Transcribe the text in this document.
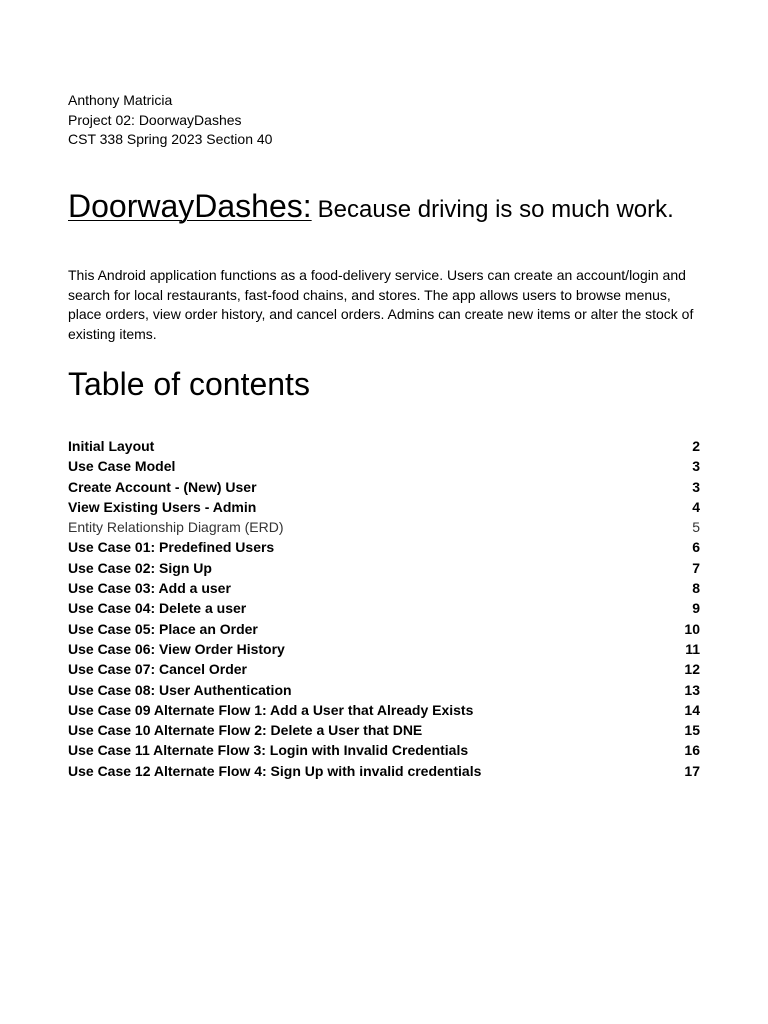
Anthony Matricia
Project 02: DoorwayDashes
CST 338 Spring 2023 Section 40
DoorwayDashes: Because driving is so much work.

This Android application functions as a food-delivery service. Users can create an account/login and search for local restaurants, fast-food chains, and stores. The app allows users to browse menus, place orders, view order history, and cancel orders. Admins can create new items or alter the stock of existing items.

Table of contents
Initial Layout	2
Use Case Model	3
Create Account - (New) User	3
View Existing Users - Admin	4
Entity Relationship Diagram (ERD)	5
Use Case 01: Predefined Users	6
Use Case 02: Sign Up	7
Use Case 03: Add a user	8
Use Case 04: Delete a user	9
Use Case 05: Place an Order	10
Use Case 06: View Order History	11
Use Case 07: Cancel Order	12
Use Case 08: User Authentication	13
Use Case 09 Alternate Flow 1: Add a User that Already Exists	14
Use Case 10 Alternate Flow 2: Delete a User that DNE	15
Use Case 11 Alternate Flow 3: Login with Invalid Credentials	16
Use Case 12 Alternate Flow 4: Sign Up with invalid credentials	17
